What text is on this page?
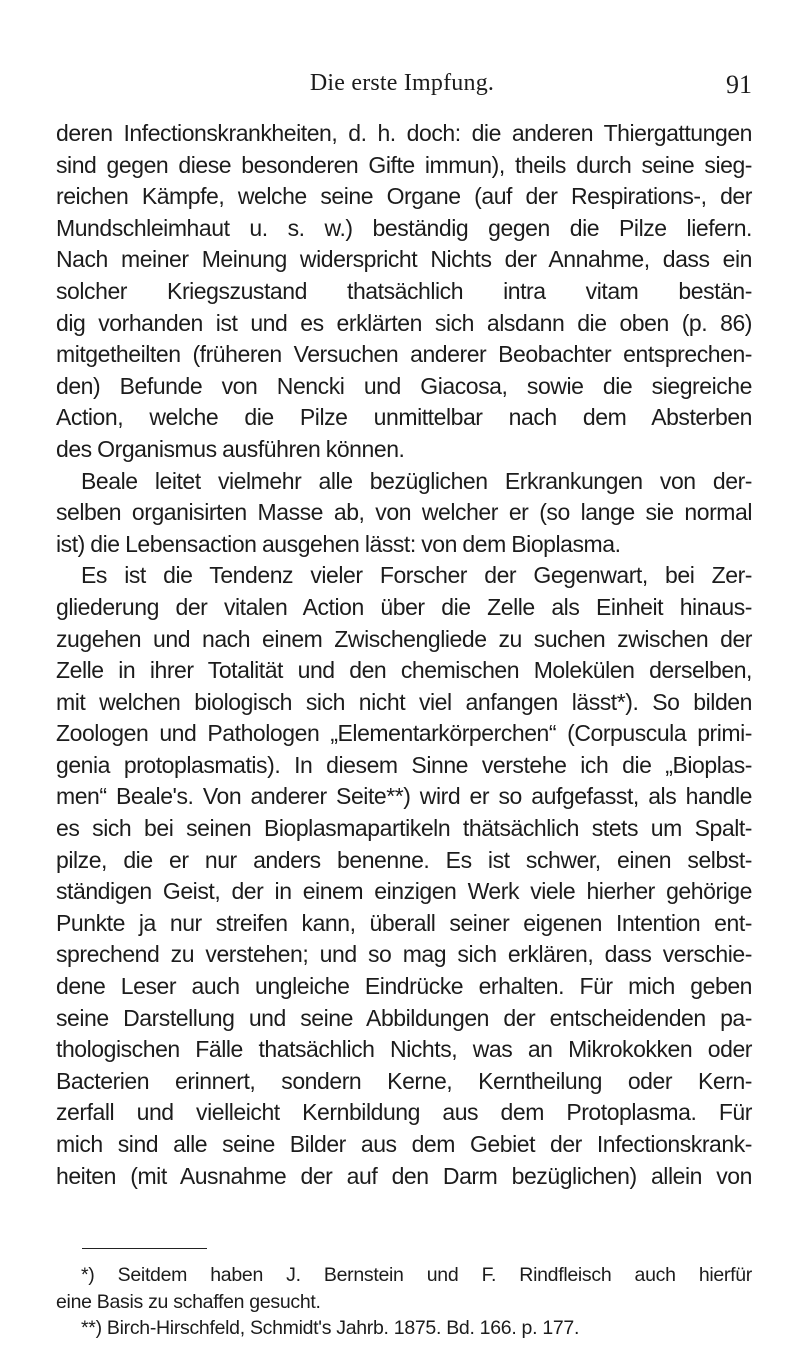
Die erste Impfung.	91
deren Infectionskrankheiten, d. h. doch: die anderen Thiergattungen
sind gegen diese besonderen Gifte immun), theils durch seine sieg-
reichen Kämpfe, welche seine Organe (auf der Respirations-, der
Mundschleimhaut u. s. w.) beständig gegen die Pilze liefern.
Nach meiner Meinung widerspricht Nichts der Annahme, dass ein
solcher Kriegszustand thatsächlich intra vitam bestän-
dig vorhanden ist und es erklärten sich alsdann die oben (p. 86)
mitgetheilten (früheren Versuchen anderer Beobachter entsprechen-
den) Befunde von Nencki und Giacosa, sowie die siegreiche
Action, welche die Pilze unmittelbar nach dem Absterben
des Organismus ausführen können.
Beale leitet vielmehr alle bezüglichen Erkrankungen von der-
selben organisirten Masse ab, von welcher er (so lange sie normal
ist) die Lebensaction ausgehen lässt: von dem Bioplasma.
Es ist die Tendenz vieler Forscher der Gegenwart, bei Zer-
gliederung der vitalen Action über die Zelle als Einheit hinaus-
zugehen und nach einem Zwischengliede zu suchen zwischen der
Zelle in ihrer Totalität und den chemischen Molekülen derselben,
mit welchen biologisch sich nicht viel anfangen lässt*). So bilden
Zoologen und Pathologen „Elementarkörperchen“ (Corpuscula primi-
genia protoplasmatis). In diesem Sinne verstehe ich die „Bioplas-
men“ Beale's. Von anderer Seite**) wird er so aufgefasst, als handle
es sich bei seinen Bioplasmapartikeln thätsächlich stets um Spalt-
pilze, die er nur anders benenne. Es ist schwer, einen selbst-
ständigen Geist, der in einem einzigen Werk viele hierher gehörige
Punkte ja nur streifen kann, überall seiner eigenen Intention ent-
sprechend zu verstehen; und so mag sich erklären, dass verschie-
dene Leser auch ungleiche Eindrücke erhalten. Für mich geben
seine Darstellung und seine Abbildungen der entscheidenden pa-
thologischen Fälle thatsächlich Nichts, was an Mikrokokken oder
Bacterien erinnert, sondern Kerne, Kerntheilung oder Kern-
zerfall und vielleicht Kernbildung aus dem Protoplasma. Für
mich sind alle seine Bilder aus dem Gebiet der Infectionskrank-
heiten (mit Ausnahme der auf den Darm bezüglichen) allein von
*) Seitdem haben J. Bernstein und F. Rindfleisch auch hierfür
eine Basis zu schaffen gesucht.
**) Birch-Hirschfeld, Schmidt's Jahrb. 1875. Bd. 166. p. 177.
